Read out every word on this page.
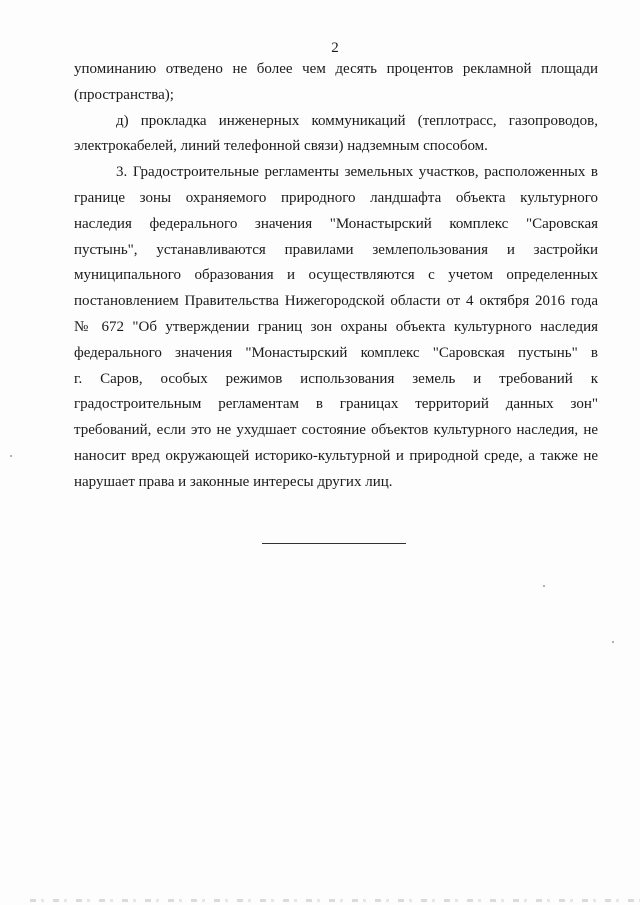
2
упоминанию отведено не более чем десять процентов рекламной площади
(пространства);
д) прокладка инженерных коммуникаций (теплотрасс, газопроводов,
электрокабелей, линий телефонной связи) надземным способом.
3. Градостроительные регламенты земельных участков, расположенных в
границе зоны охраняемого природного ландшафта объекта культурного
наследия федерального значения "Монастырский комплекс "Саровская
пустынь", устанавливаются правилами землепользования и застройки
муниципального образования и осуществляются с учетом определенных
постановлением Правительства Нижегородской области от 4 октября 2016 года
№ 672 "Об утверждении границ зон охраны объекта культурного наследия
федерального значения "Монастырский комплекс "Саровская пустынь" в
г. Саров, особых режимов использования земель и требований к
градостроительным регламентам в границах территорий данных зон"
требований, если это не ухудшает состояние объектов культурного наследия, не
наносит вред окружающей историко-культурной и природной среде, а также не
нарушает права и законные интересы других лиц.
